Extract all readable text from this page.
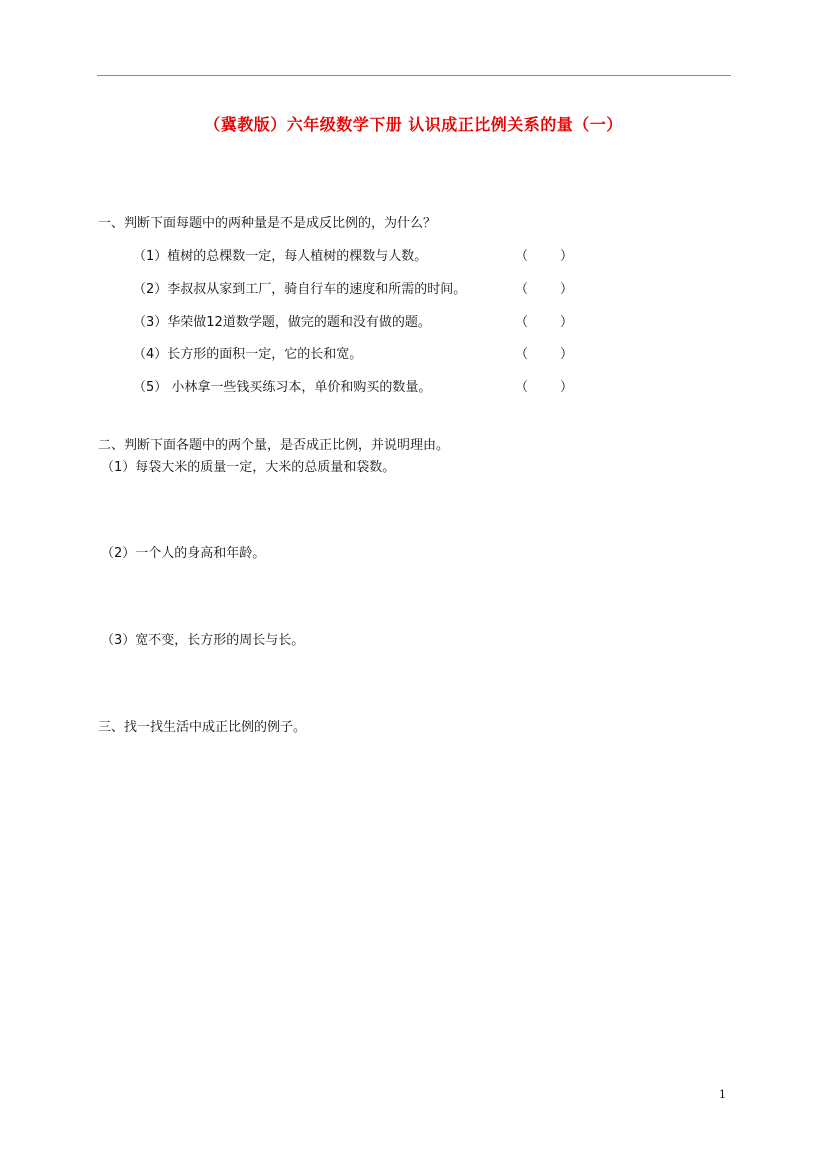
（冀教版）六年级数学下册 认识成正比例关系的量（一）
一、判断下面每题中的两种量是不是成反比例的，为什么？
（1）植树的总棵数一定，每人植树的棵数与人数。	（ ）
（2）李叔叔从家到工厂，骑自行车的速度和所需的时间。	（ ）
（3）华荣做12道数学题，做完的题和没有做的题。	（ ）
（4）长方形的面积一定，它的长和宽。	（ ）
（5） 小林拿一些钱买练习本，单价和购买的数量。	（ ）
二、判断下面各题中的两个量，是否成正比例，并说明理由。
（1）每袋大米的质量一定，大米的总质量和袋数。
（2）一个人的身高和年龄。
（3）宽不变，长方形的周长与长。
三、找一找生活中成正比例的例子。
1
